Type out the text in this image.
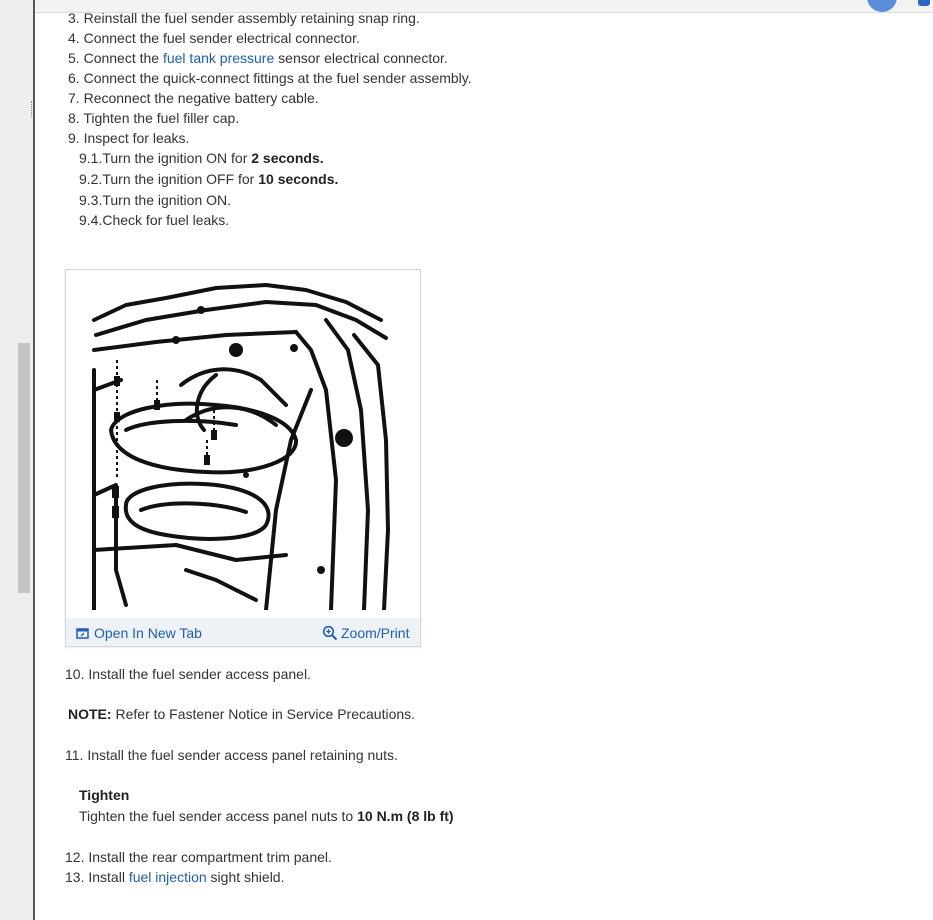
3. Reinstall the fuel sender assembly retaining snap ring.
4. Connect the fuel sender electrical connector.
5. Connect the fuel tank pressure sensor electrical connector.
6. Connect the quick-connect fittings at the fuel sender assembly.
7. Reconnect the negative battery cable.
8. Tighten the fuel filler cap.
9. Inspect for leaks.
9.1.Turn the ignition ON for 2 seconds.
9.2.Turn the ignition OFF for 10 seconds.
9.3.Turn the ignition ON.
9.4.Check for fuel leaks.
Open In New Tab	Zoom/Print
10. Install the fuel sender access panel.
NOTE: Refer to Fastener Notice in Service Precautions.
11. Install the fuel sender access panel retaining nuts.
Tighten
Tighten the fuel sender access panel nuts to 10 N.m (8 lb ft)
12. Install the rear compartment trim panel.
13. Install fuel injection sight shield.
